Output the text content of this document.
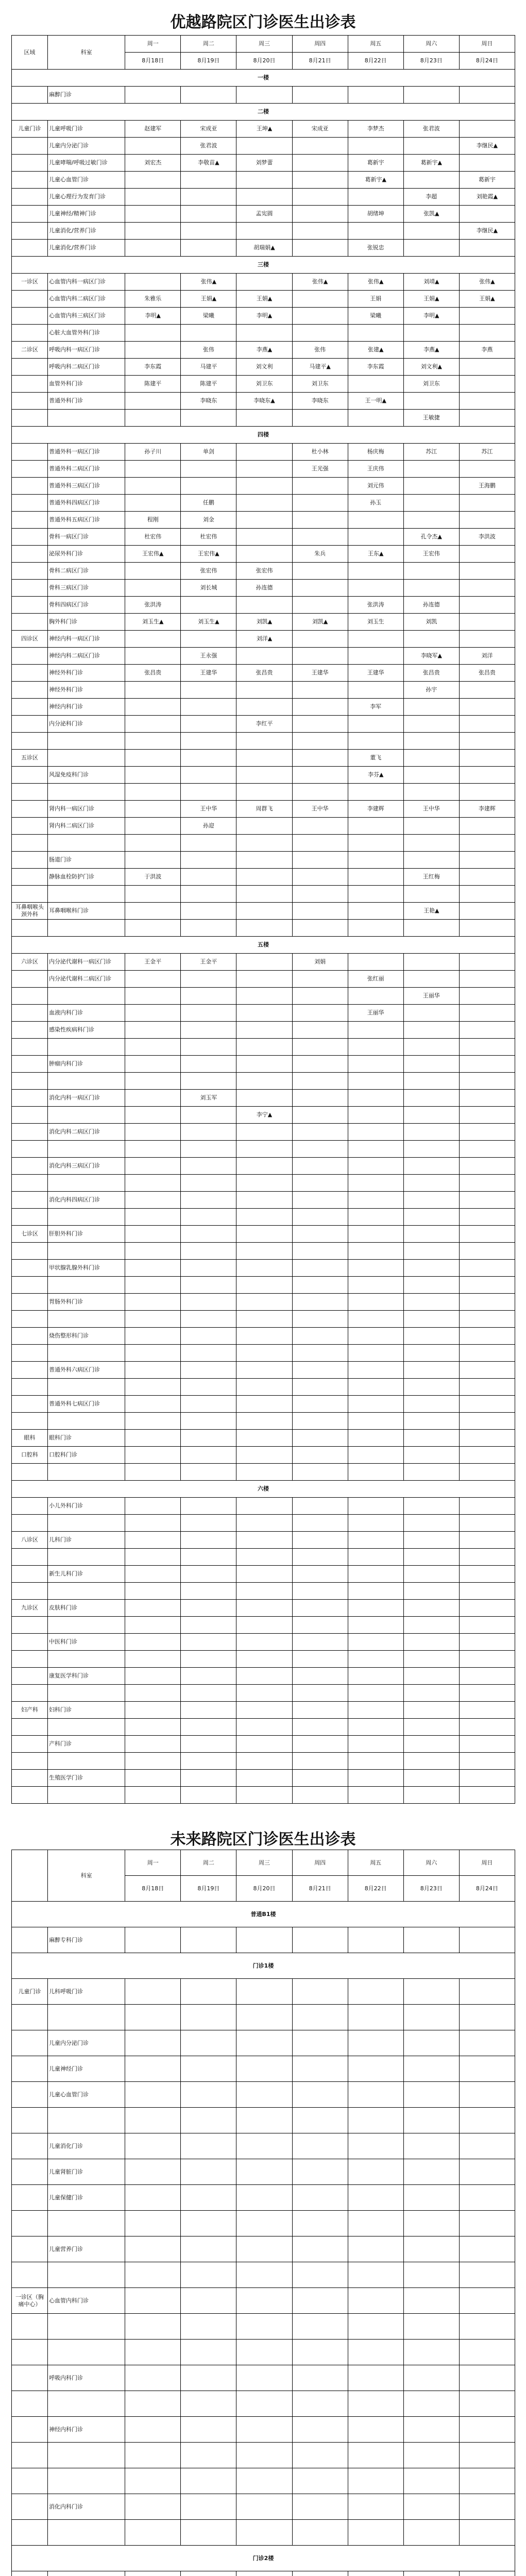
优越路院区门诊医生出诊表
区域	科室	周一	周二	周三	周四	周五	周六	周日
		8月18日	8月19日	8月20日	8月21日	8月22日	8月23日	8月24日
一楼								
	麻醉门诊							
二楼								
儿童门诊	儿童呼吸门诊	赵建军	宋成亚	王坤▲	宋成亚	李梦杰	张君波	
	儿童内分泌门诊		张君波					李继民▲
	儿童哮喘/呼吸过敏门诊	刘宏杰	李敬苗▲	刘梦蕾		葛新宇	葛新宇▲	
	儿童心血管门诊					葛新宇▲		葛新宇
	儿童心理行为发育门诊						李超	刘艳霞▲
	儿童神经/精神门诊			孟宪圆		胡绪坤	张凯▲	
	儿童消化/营养门诊							李继民▲
	儿童消化/营养门诊			胡瑞娟▲		张锐忠		
三楼								
一诊区	心血管内科一病区门诊		张伟▲		张伟▲	张伟▲	刘靖▲	张伟▲
	心血管内科二病区门诊	朱雅乐	王娟▲	王娟▲		王娟	王娟▲	王娟▲
	心血管内科三病区门诊	李明▲	梁曦	李明▲		梁曦	李明▲	
	心脏大血管外科门诊							
二诊区	呼吸内科一病区门诊		张伟	李燕▲	张伟	张建▲	李燕▲	李燕
	呼吸内科二病区门诊	李东霞	马建平	刘文利	马建平▲	李东霞	刘文利▲	
	血管外科门诊	陈建平	陈建平	刘卫东	刘卫东		刘卫东	
	普通外科门诊		李晓东	李晓东▲	李晓东	王一明▲		
							王敏捷	
四楼								
	普通外科一病区门诊	孙子川	单剑		杜小林	杨庆梅	苏江	苏江
	普通外科二病区门诊				王光强	王庆伟		
	普通外科三病区门诊					刘元伟		王海鹏
	普通外科四病区门诊		任鹏			孙玉		
	普通外科五病区门诊	程刚	刘金					
	骨科一病区门诊	杜宏伟	杜宏伟				孔令杰▲	李洪波
	泌尿外科门诊	王宏伟▲	王宏伟▲		朱兵	王东▲	王宏伟	
	骨科二病区门诊		张宏伟	张宏伟				
	骨科三病区门诊		刘长城	孙连德				
	骨科四病区门诊	张洪涛				张洪涛	孙连德	
	胸外科门诊	刘玉生▲	刘玉生▲	刘凯▲	刘凯▲	刘玉生	刘凯	
四诊区	神经内科一病区门诊			刘洋▲				
	神经内科二病区门诊		王永强				李晓军▲	刘洋
	神经外科门诊	张昌贵	王建华	张昌贵	王建华	王建华	张昌贵	张昌贵
	神经外科门诊						孙宇	
	神经内科门诊					李军		
	内分泌科门诊			李红平				

五诊区						董飞		
	风湿免疫科门诊					李芬▲		

	肾内科一病区门诊		王中华	周群飞	王中华	李建辉	王中华	李建辉
	肾内科二病区门诊		孙迎					

	肠道门诊							
	静脉血栓防护门诊	于洪波					王红梅	

耳鼻咽喉头颈外科	耳鼻咽喉科门诊						王艳▲	

五楼								
六诊区	内分泌代谢科一病区门诊	王金平	王金平		刘娟			
	内分泌代谢科二病区门诊					张红丽		
							王丽华	
	血液内科门诊					王丽华		
	感染性疾病科门诊							

	肿瘤内科门诊							

	消化内科一病区门诊		刘玉军					
				李宁▲				
	消化内科二病区门诊							

	消化内科三病区门诊							

	消化内科四病区门诊							

七诊区	肝胆外科门诊							

	甲状腺乳腺外科门诊							

	胃肠外科门诊							

	烧伤整形科门诊							

	普通外科六病区门诊							

	普通外科七病区门诊							

眼科	眼科门诊							
口腔科	口腔科门诊							

六楼								
	小儿外科门诊							

八诊区	儿科门诊							

	新生儿科门诊							

九诊区	皮肤科门诊							

	中医科门诊							

	康复医学科门诊							

妇产科	妇科门诊							

	产科门诊							

	生殖医学门诊							

未来路院区门诊医生出诊表
	科室	周一	周二	周三	周四	周五	周六	周日
		8月18日	8月19日	8月20日	8月21日	8月22日	8月23日	8月24日
普通B1楼								
	麻醉专科门诊							
门诊1楼								
儿童门诊	儿科呼吸门诊							

	儿童内分泌门诊							
	儿童神经门诊							
	儿童心血管门诊							

	儿童消化门诊							
	儿童肾脏门诊							
	儿童保健门诊							

	儿童营养门诊							

一诊区（胸痛中心）	心血管内科门诊							

	呼吸内科门诊							

	神经内科门诊							

	消化内科门诊							

门诊2楼								
